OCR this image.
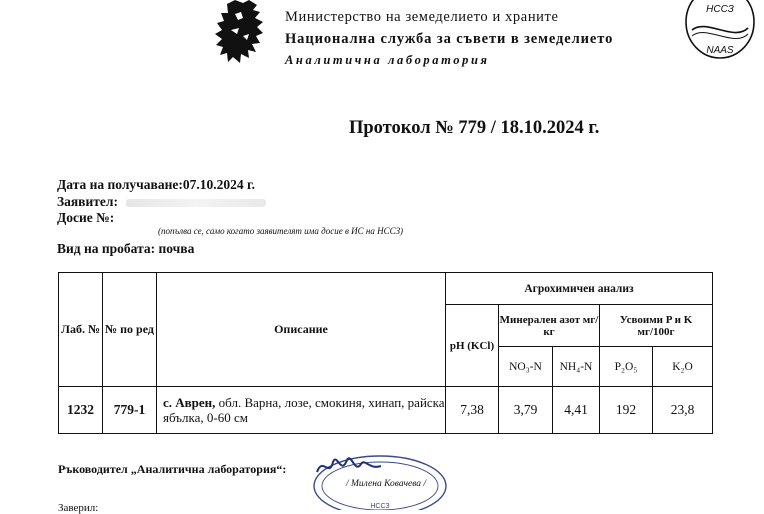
Министерство на земеделието и храните
Национална служба за съвети в земеделието
Аналитична лаборатория
НССЗ
NAAS
Протокол № 779 / 18.10.2024 г.
Дата на получаване:07.10.2024 г.
Заявител:
Досие №:
(попълва се, само когато заявителят има досие в ИС на НССЗ)
Вид на пробата: почва
Лаб. №	№ по ред	Описание	Агрохимичен анализ				
			pH (KCl)	Минерален азот мг/кг		Усвоими P и K мг/100г	
				NO₃-N	NH₄-N	P₂O₅	K₂O
1232	779-1	с. Аврен, обл. Варна, лозе, смокиня, хинап, райска ябълка, 0-60 см	7,38	3,79	4,41	192	23,8
Ръководител „Аналитична лаборатория“:
НССЗ
/ Милена Ковачева /
Заверил:
